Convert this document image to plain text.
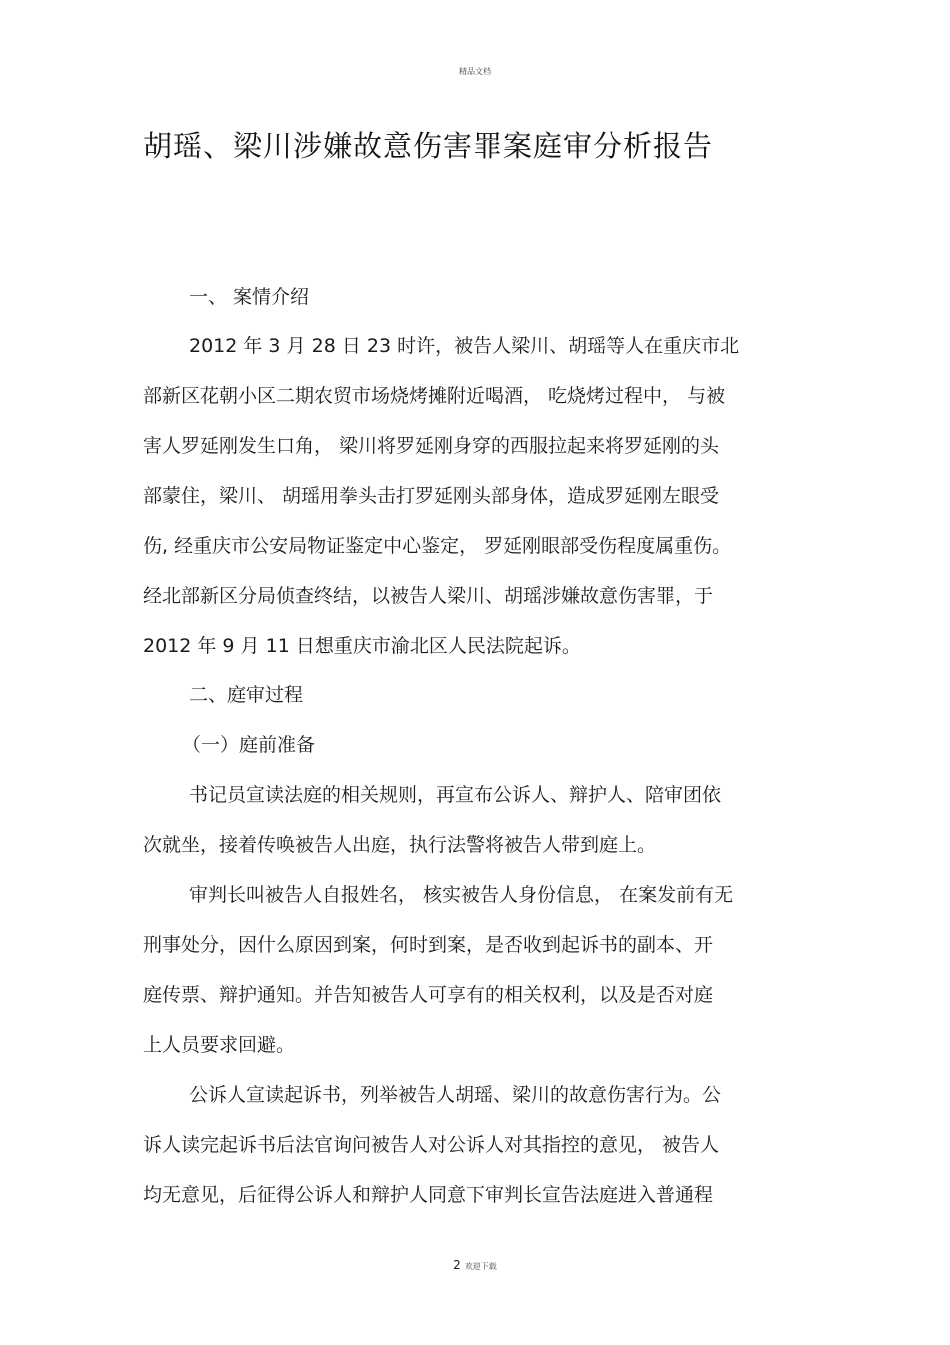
精品文档
胡瑶、梁川涉嫌故意伤害罪案庭审分析报告
一、 案情介绍
2012 年 3 月 28 日 23 时许，被告人梁川、胡瑶等人在重庆市北
部新区花朝小区二期农贸市场烧烤摊附近喝酒， 吃烧烤过程中， 与被
害人罗延刚发生口角， 梁川将罗延刚身穿的西服拉起来将罗延刚的头
部蒙住，梁川、 胡瑶用拳头击打罗延刚头部身体，造成罗延刚左眼受
伤, 经重庆市公安局物证鉴定中心鉴定， 罗延刚眼部受伤程度属重伤。
经北部新区分局侦查终结，以被告人梁川、胡瑶涉嫌故意伤害罪，于
2012 年 9 月 11 日想重庆市渝北区人民法院起诉。
二、庭审过程
（一）庭前准备
书记员宣读法庭的相关规则，再宣布公诉人、辩护人、陪审团依
次就坐，接着传唤被告人出庭，执行法警将被告人带到庭上。
审判长叫被告人自报姓名， 核实被告人身份信息， 在案发前有无
刑事处分，因什么原因到案，何时到案，是否收到起诉书的副本、开
庭传票、辩护通知。并告知被告人可享有的相关权利，以及是否对庭
上人员要求回避。
公诉人宣读起诉书，列举被告人胡瑶、梁川的故意伤害行为。公
诉人读完起诉书后法官询问被告人对公诉人对其指控的意见， 被告人
均无意见，后征得公诉人和辩护人同意下审判长宣告法庭进入普通程
2 欢迎下载
